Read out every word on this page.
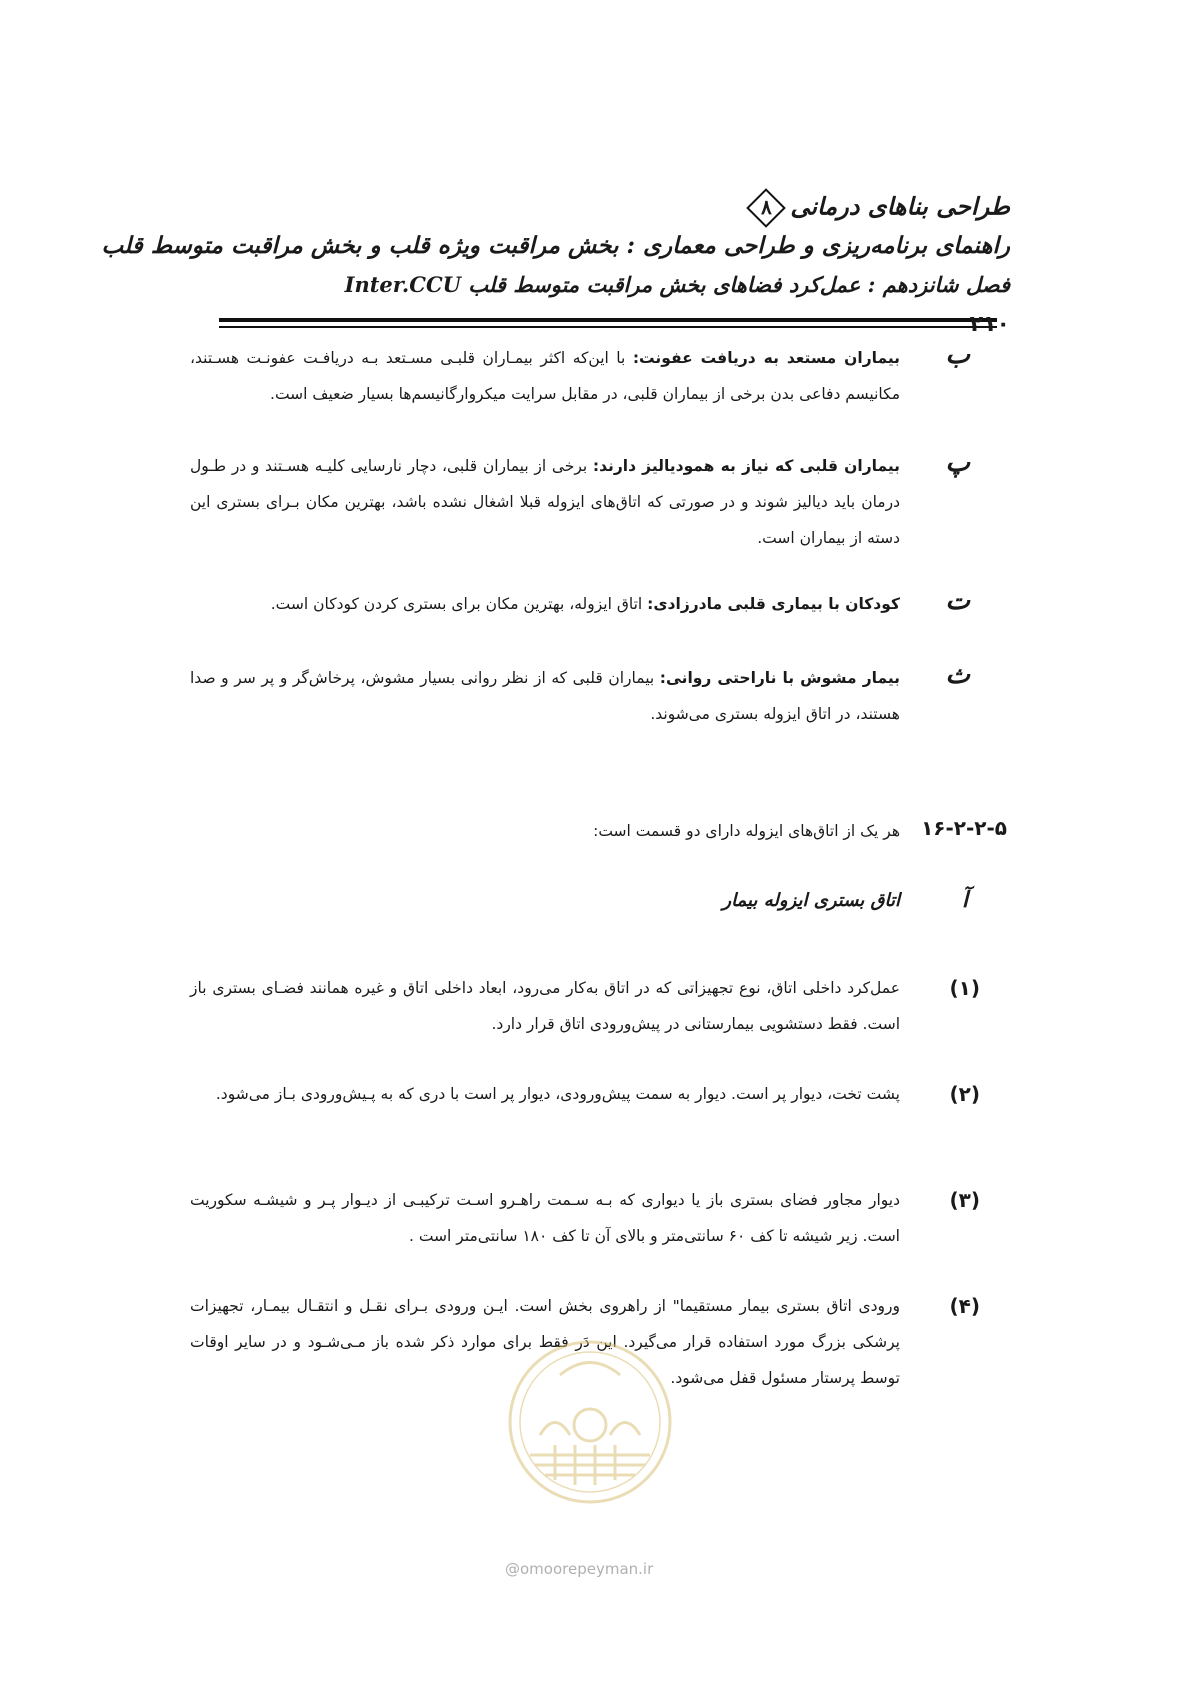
طراحی بناهای درمانی
۸
راهنمای برنامه‌ریزی و طراحی معماری : بخش مراقبت ویژه قلب و بخش مراقبت متوسط قلب
فصل شانزدهم : عمل‌کرد فضاهای بخش مراقبت متوسط قلب Inter.CCU
۲۱۰
ب
بیماران مستعد به دریافت عفونت: با این‌که اکثر بیمـاران قلبـی مسـتعد بـه دریافـت عفونـت هسـتند، مکانیسم دفاعی بدن برخی از بیماران قلبی، در مقابل سرایت میکروارگانیسم‌ها بسیار ضعیف است.
پ
بیماران قلبی که نیاز به همودیالیز دارند: برخی از بیماران قلبی، دچار نارسایی کلیـه هسـتند و در طـول درمان باید دیالیز شوند و در صورتی که اتاق‌های ایزوله قبلا اشغال نشده باشد، بهترین مکان بـرای بستری این دسته از بیماران است.
ت
کودکان با بیماری قلبی مادرزادی: اتاق ایزوله، بهترین مکان برای بستری کردن کودکان است.
ث
بیمار مشوش با ناراحتی روانی: بیماران قلبی که از نظر روانی بسیار مشوش، پرخاش‌گر و پر سر و صدا هستند، در اتاق ایزوله بستری می‌شوند.
۱۶-۲-۲-۵
هر یک از اتاق‌های ایزوله دارای دو قسمت است:
آ
اتاق بستری ایزوله بیمار
(۱)
عمل‌کرد داخلی اتاق، نوع تجهیزاتی که در اتاق به‌کار می‌رود، ابعاد داخلی اتاق و غیره همانند فضـای بستری باز است. فقط دستشویی بیمارستانی در پیش‌ورودی اتاق قرار دارد.
(۲)
پشت تخت، دیوار پر است. دیوار به سمت پیش‌ورودی، دیوار پر است با دری که به پـیش‌ورودی بـاز می‌شود.
(۳)
دیوار مجاور فضای بستری باز یا دیواری که بـه سـمت راهـرو اسـت ترکیبـی از دیـوار پـر و شیشـه سکوریت است. زیر شیشه تا کف ۶۰ سانتی‌متر و بالای آن تا کف ۱۸۰ سانتی‌متر است .
(۴)
ورودی اتاق بستری بیمار مستقیما" از راهروی بخش است. ایـن ورودی بـرای نقـل و انتقـال بیمـار، تجهیزات پرشکی بزرگ مورد استفاده قرار می‌گیرد. این دَر فقط برای موارد ذکر شده باز مـی‌شـود و در سایر اوقات توسط پرستار مسئول قفل می‌شود.
@omoorepeyman.ir
